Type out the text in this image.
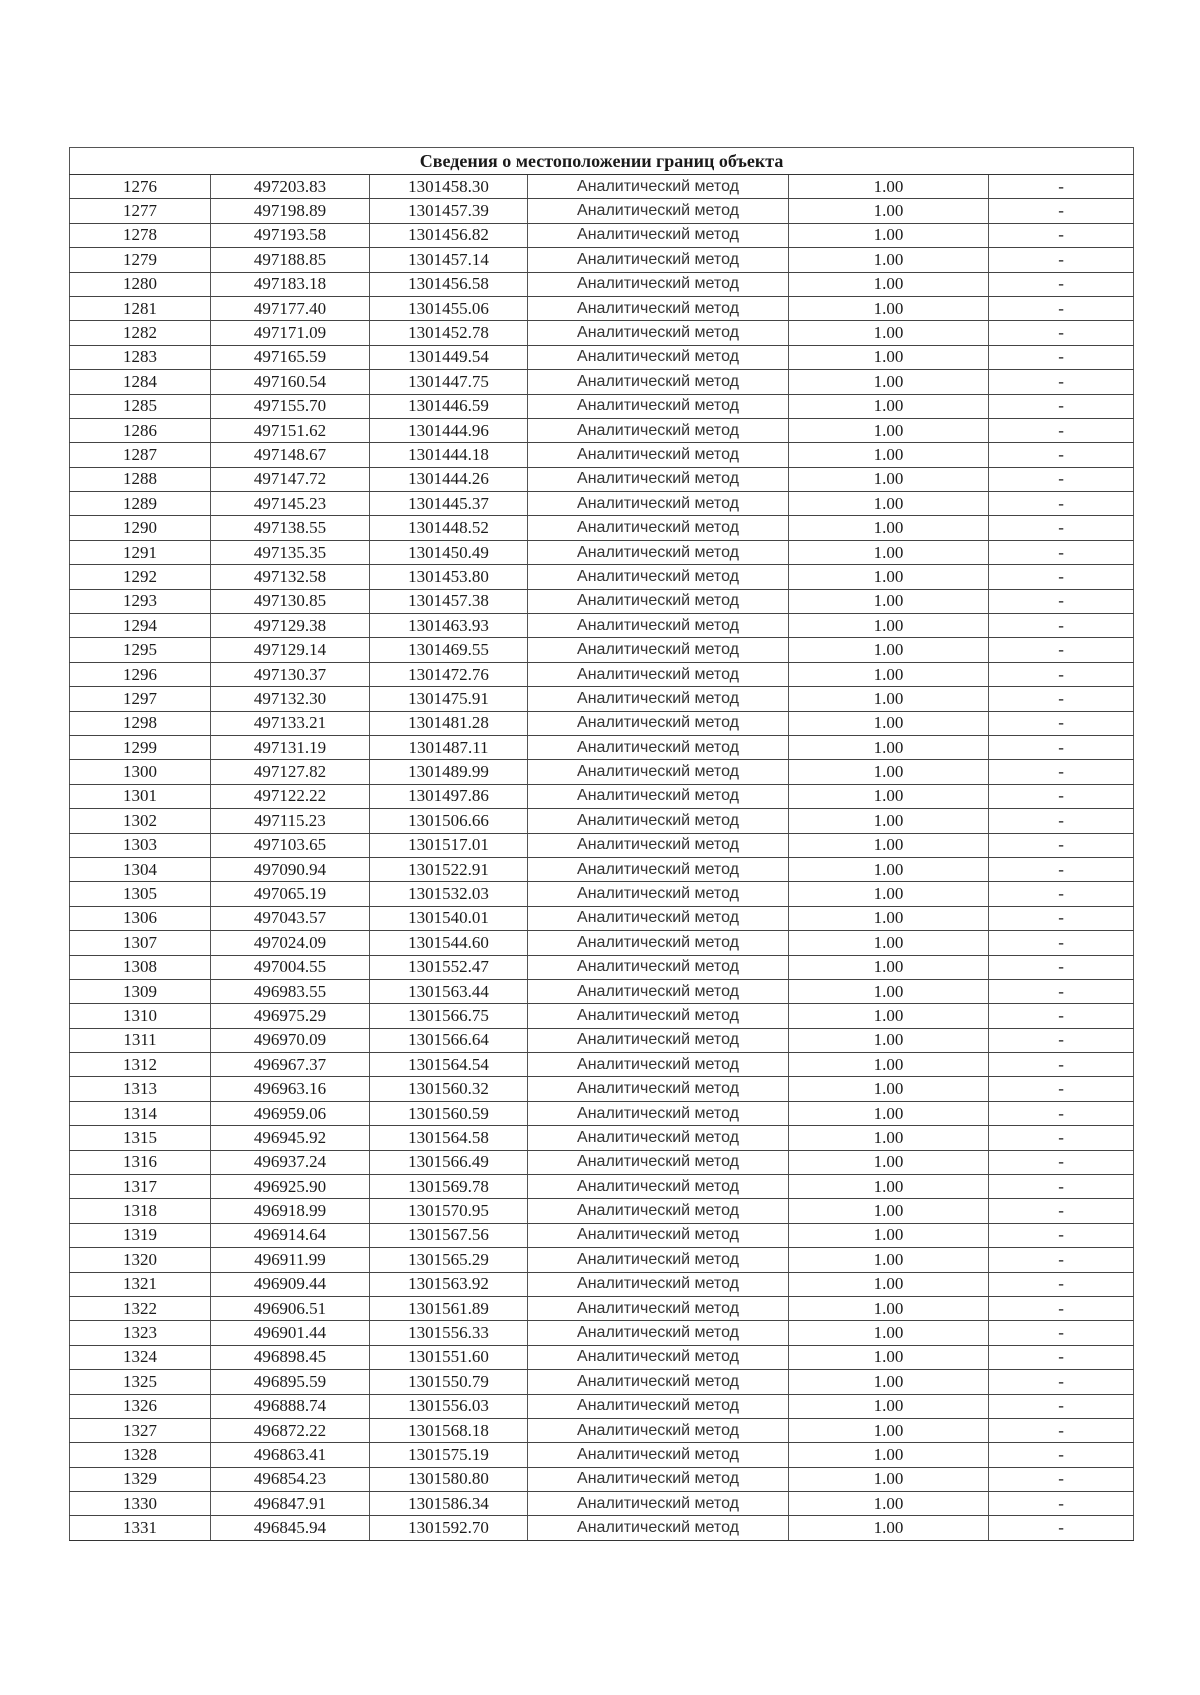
Сведения о местоположении границ объекта					
1276	497203.83	1301458.30	Аналитический метод	1.00	-
1277	497198.89	1301457.39	Аналитический метод	1.00	-
1278	497193.58	1301456.82	Аналитический метод	1.00	-
1279	497188.85	1301457.14	Аналитический метод	1.00	-
1280	497183.18	1301456.58	Аналитический метод	1.00	-
1281	497177.40	1301455.06	Аналитический метод	1.00	-
1282	497171.09	1301452.78	Аналитический метод	1.00	-
1283	497165.59	1301449.54	Аналитический метод	1.00	-
1284	497160.54	1301447.75	Аналитический метод	1.00	-
1285	497155.70	1301446.59	Аналитический метод	1.00	-
1286	497151.62	1301444.96	Аналитический метод	1.00	-
1287	497148.67	1301444.18	Аналитический метод	1.00	-
1288	497147.72	1301444.26	Аналитический метод	1.00	-
1289	497145.23	1301445.37	Аналитический метод	1.00	-
1290	497138.55	1301448.52	Аналитический метод	1.00	-
1291	497135.35	1301450.49	Аналитический метод	1.00	-
1292	497132.58	1301453.80	Аналитический метод	1.00	-
1293	497130.85	1301457.38	Аналитический метод	1.00	-
1294	497129.38	1301463.93	Аналитический метод	1.00	-
1295	497129.14	1301469.55	Аналитический метод	1.00	-
1296	497130.37	1301472.76	Аналитический метод	1.00	-
1297	497132.30	1301475.91	Аналитический метод	1.00	-
1298	497133.21	1301481.28	Аналитический метод	1.00	-
1299	497131.19	1301487.11	Аналитический метод	1.00	-
1300	497127.82	1301489.99	Аналитический метод	1.00	-
1301	497122.22	1301497.86	Аналитический метод	1.00	-
1302	497115.23	1301506.66	Аналитический метод	1.00	-
1303	497103.65	1301517.01	Аналитический метод	1.00	-
1304	497090.94	1301522.91	Аналитический метод	1.00	-
1305	497065.19	1301532.03	Аналитический метод	1.00	-
1306	497043.57	1301540.01	Аналитический метод	1.00	-
1307	497024.09	1301544.60	Аналитический метод	1.00	-
1308	497004.55	1301552.47	Аналитический метод	1.00	-
1309	496983.55	1301563.44	Аналитический метод	1.00	-
1310	496975.29	1301566.75	Аналитический метод	1.00	-
1311	496970.09	1301566.64	Аналитический метод	1.00	-
1312	496967.37	1301564.54	Аналитический метод	1.00	-
1313	496963.16	1301560.32	Аналитический метод	1.00	-
1314	496959.06	1301560.59	Аналитический метод	1.00	-
1315	496945.92	1301564.58	Аналитический метод	1.00	-
1316	496937.24	1301566.49	Аналитический метод	1.00	-
1317	496925.90	1301569.78	Аналитический метод	1.00	-
1318	496918.99	1301570.95	Аналитический метод	1.00	-
1319	496914.64	1301567.56	Аналитический метод	1.00	-
1320	496911.99	1301565.29	Аналитический метод	1.00	-
1321	496909.44	1301563.92	Аналитический метод	1.00	-
1322	496906.51	1301561.89	Аналитический метод	1.00	-
1323	496901.44	1301556.33	Аналитический метод	1.00	-
1324	496898.45	1301551.60	Аналитический метод	1.00	-
1325	496895.59	1301550.79	Аналитический метод	1.00	-
1326	496888.74	1301556.03	Аналитический метод	1.00	-
1327	496872.22	1301568.18	Аналитический метод	1.00	-
1328	496863.41	1301575.19	Аналитический метод	1.00	-
1329	496854.23	1301580.80	Аналитический метод	1.00	-
1330	496847.91	1301586.34	Аналитический метод	1.00	-
1331	496845.94	1301592.70	Аналитический метод	1.00	-
